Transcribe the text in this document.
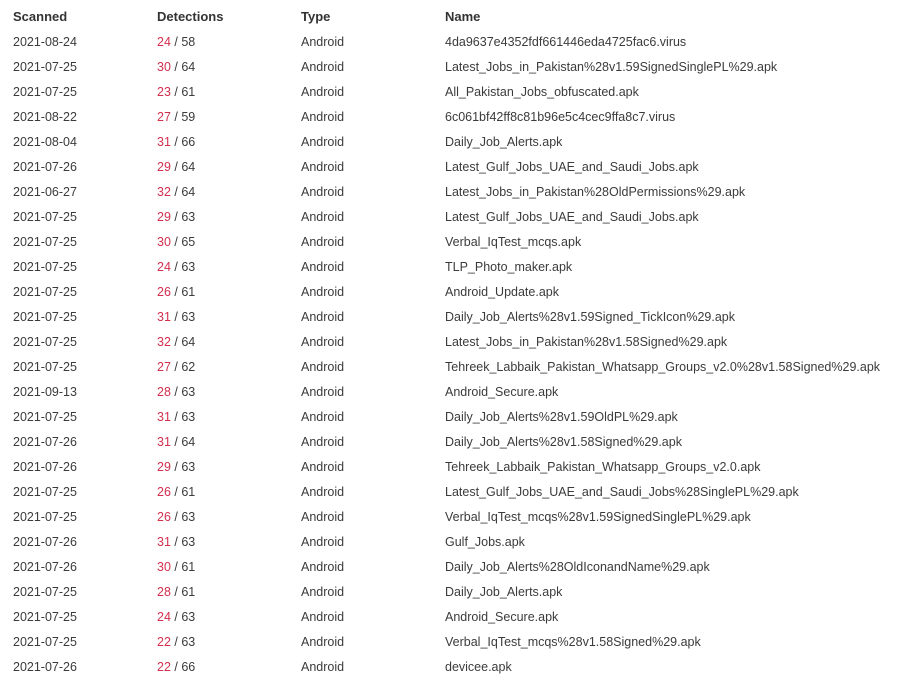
Scanned	Detections	Type	Name
2021-08-24	24 / 58	Android	4da9637e4352fdf661446eda4725fac6.virus
2021-07-25	30 / 64	Android	Latest_Jobs_in_Pakistan%28v1.59SignedSinglePL%29.apk
2021-07-25	23 / 61	Android	All_Pakistan_Jobs_obfuscated.apk
2021-08-22	27 / 59	Android	6c061bf42ff8c81b96e5c4cec9ffa8c7.virus
2021-08-04	31 / 66	Android	Daily_Job_Alerts.apk
2021-07-26	29 / 64	Android	Latest_Gulf_Jobs_UAE_and_Saudi_Jobs.apk
2021-06-27	32 / 64	Android	Latest_Jobs_in_Pakistan%28OldPermissions%29.apk
2021-07-25	29 / 63	Android	Latest_Gulf_Jobs_UAE_and_Saudi_Jobs.apk
2021-07-25	30 / 65	Android	Verbal_IqTest_mcqs.apk
2021-07-25	24 / 63	Android	TLP_Photo_maker.apk
2021-07-25	26 / 61	Android	Android_Update.apk
2021-07-25	31 / 63	Android	Daily_Job_Alerts%28v1.59Signed_TickIcon%29.apk
2021-07-25	32 / 64	Android	Latest_Jobs_in_Pakistan%28v1.58Signed%29.apk
2021-07-25	27 / 62	Android	Tehreek_Labbaik_Pakistan_Whatsapp_Groups_v2.0%28v1.58Signed%29.apk
2021-09-13	28 / 63	Android	Android_Secure.apk
2021-07-25	31 / 63	Android	Daily_Job_Alerts%28v1.59OldPL%29.apk
2021-07-26	31 / 64	Android	Daily_Job_Alerts%28v1.58Signed%29.apk
2021-07-26	29 / 63	Android	Tehreek_Labbaik_Pakistan_Whatsapp_Groups_v2.0.apk
2021-07-25	26 / 61	Android	Latest_Gulf_Jobs_UAE_and_Saudi_Jobs%28SinglePL%29.apk
2021-07-25	26 / 63	Android	Verbal_IqTest_mcqs%28v1.59SignedSinglePL%29.apk
2021-07-26	31 / 63	Android	Gulf_Jobs.apk
2021-07-26	30 / 61	Android	Daily_Job_Alerts%28OldIconandName%29.apk
2021-07-25	28 / 61	Android	Daily_Job_Alerts.apk
2021-07-25	24 / 63	Android	Android_Secure.apk
2021-07-25	22 / 63	Android	Verbal_IqTest_mcqs%28v1.58Signed%29.apk
2021-07-26	22 / 66	Android	devicee.apk
